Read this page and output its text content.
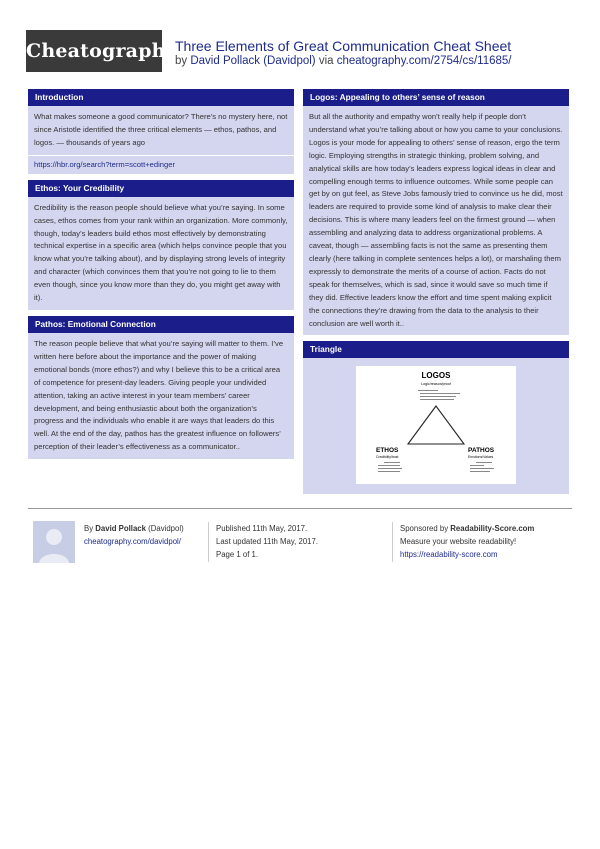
Cheatography
Three Elements of Great Communication Cheat Sheet
by David Pollack (Davidpol) via cheatography.com/2754/cs/11685/
Introduction

What makes someone a good communicator? There’s no mystery here, not since Aristotle identified the three critical elements — ethos, pathos, and logos. — thousands of years ago

https://hbr.org/search?term=scott+edinger
Ethos: Your Credibility

Credibility is the reason people should believe what you’re saying. In some cases, ethos comes from your rank within an organization. More commonly, though, today’s leaders build ethos most effectively by demonstrating technical expertise in a specific area (which helps convince people that you know what you’re talking about), and by displaying strong levels of integrity and character (which convinces them that you’re not going to lie to them even though, since you know more than they do, you might get away with it).

Pathos: Emotional Connection

The reason people believe that what you’re saying will matter to them. I’ve written here before about the importance and the power of making emotional bonds (more ethos?) and why I believe this to be a critical area of competence for present-day leaders. Giving people your undivided attention, taking an active interest in your team members’ career development, and being enthusiastic about both the organization’s progress and the individuals who enable it are ways that leaders do this well. At the end of the day, pathos has the greatest influence on followers’ perception of their leader’s effectiveness as a communicator..

Logos: Appealing to others’ sense of reason

But all the authority and empathy won’t really help if people don’t understand what you’re talking about or how you came to your conclusions.

Logos is your mode for appealing to others’ sense of reason, ergo the term logic. Employing strengths in strategic thinking, problem solving, and analytical skills are how today’s leaders express logical ideas in clear and compelling enough terms to influence outcomes. While some people can get by on gut feel, as Steve Jobs famously tried to convince us he did, most leaders are required to provide some kind of analysis to make clear their decisions. This is where many leaders feel on the firmest ground — when assembling and analyzing data to address organizational problems. A caveat, though — assembling facts is not the same as presenting them clearly (here talking in complete sentences helps a lot), or marshaling them expressly to demonstrate the merits of a course of action. Facts do not speak for themselves, which is sad, since it would save so much time if they did. Effective leaders know the effort and time spent making explicit the connections they’re drawing from the data to the analysis to their conclusion are well worth it..

Triangle
LOGOS
Logic/reason/proof
ETHOS
Credibility/trust
PATHOS
Emotions/Values
By David Pollack (Davidpol)
cheatography.com/davidpol/
Published 11th May, 2017.
Last updated 11th May, 2017.
Page 1 of 1.
Sponsored by Readability-Score.com
Measure your website readability!
https://readability-score.com
